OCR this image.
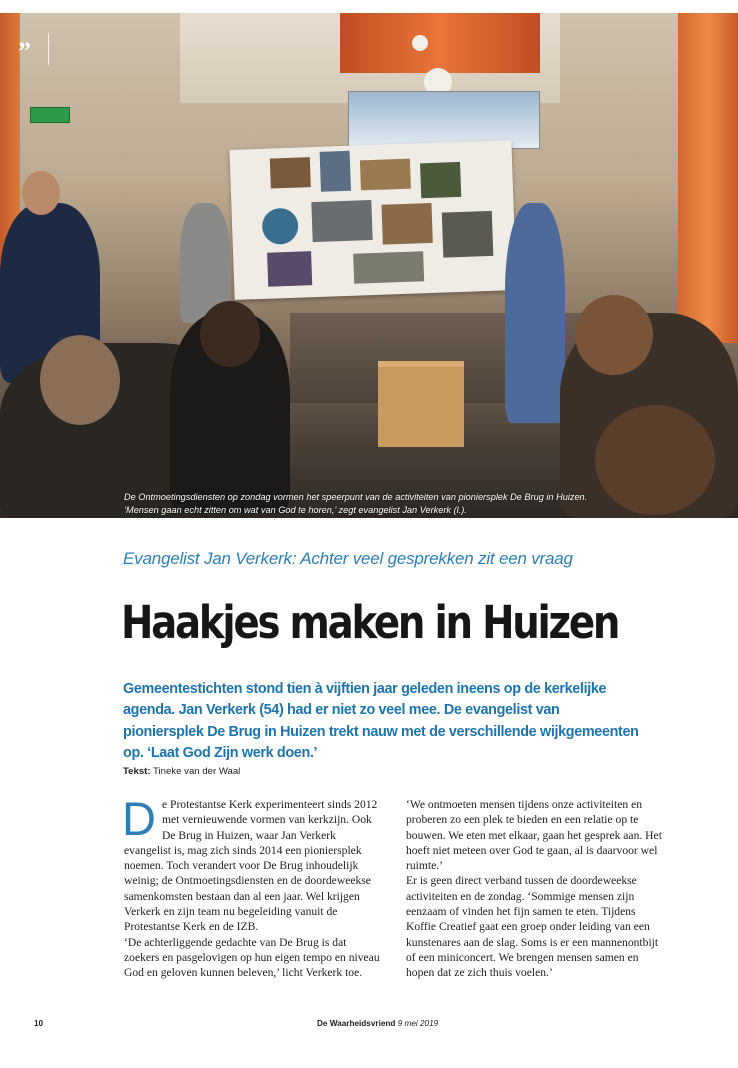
”
De Ontmoetingsdiensten op zondag vormen het speerpunt van de activiteiten van pioniersplek De Brug in Huizen.
‘Mensen gaan echt zitten om wat van God te horen,’ zegt evangelist Jan Verkerk (l.).
Evangelist Jan Verkerk: Achter veel gesprekken zit een vraag
Haakjes maken in Huizen
Gemeentestichten stond tien à vijftien jaar geleden ineens op de kerkelijke agenda. Jan Verkerk (54) had er niet zo veel mee. De evangelist van pioniersplek De Brug in Huizen trekt nauw met de verschillende wijkgemeenten op. ‘Laat God Zijn werk doen.’
Tekst: Tineke van der Waal
D e Protestantse Kerk experimenteert sinds 2012 met vernieuwende vormen van kerkzijn. Ook De Brug in Huizen, waar Jan Verkerk evangelist is, mag zich sinds 2014 een pioniersplek noemen. Toch verandert voor De Brug inhoudelijk weinig; de Ontmoetingsdiensten en de doordeweekse samenkomsten bestaan dan al een jaar. Wel krijgen Verkerk en zijn team nu begeleiding vanuit de Protestantse Kerk en de IZB.

‘De achterliggende gedachte van De Brug is dat zoekers en pasgelovigen op hun eigen tempo en niveau God en geloven kunnen beleven,’ licht Verkerk toe.

‘We ontmoeten mensen tijdens onze activiteiten en proberen zo een plek te bieden en een relatie op te bouwen. We eten met elkaar, gaan het gesprek aan. Het hoeft niet meteen over God te gaan, al is daarvoor wel ruimte.’

Er is geen direct verband tussen de doordeweekse activiteiten en de zondag. ‘Sommige mensen zijn eenzaam of vinden het fijn samen te eten. Tijdens Koffie Creatief gaat een groep onder leiding van een kunstenares aan de slag. Soms is er een mannenontbijt of een miniconcert. We brengen mensen samen en hopen dat ze zich thuis voelen.’

10	De Waarheidsvriend 9 mei 2019
